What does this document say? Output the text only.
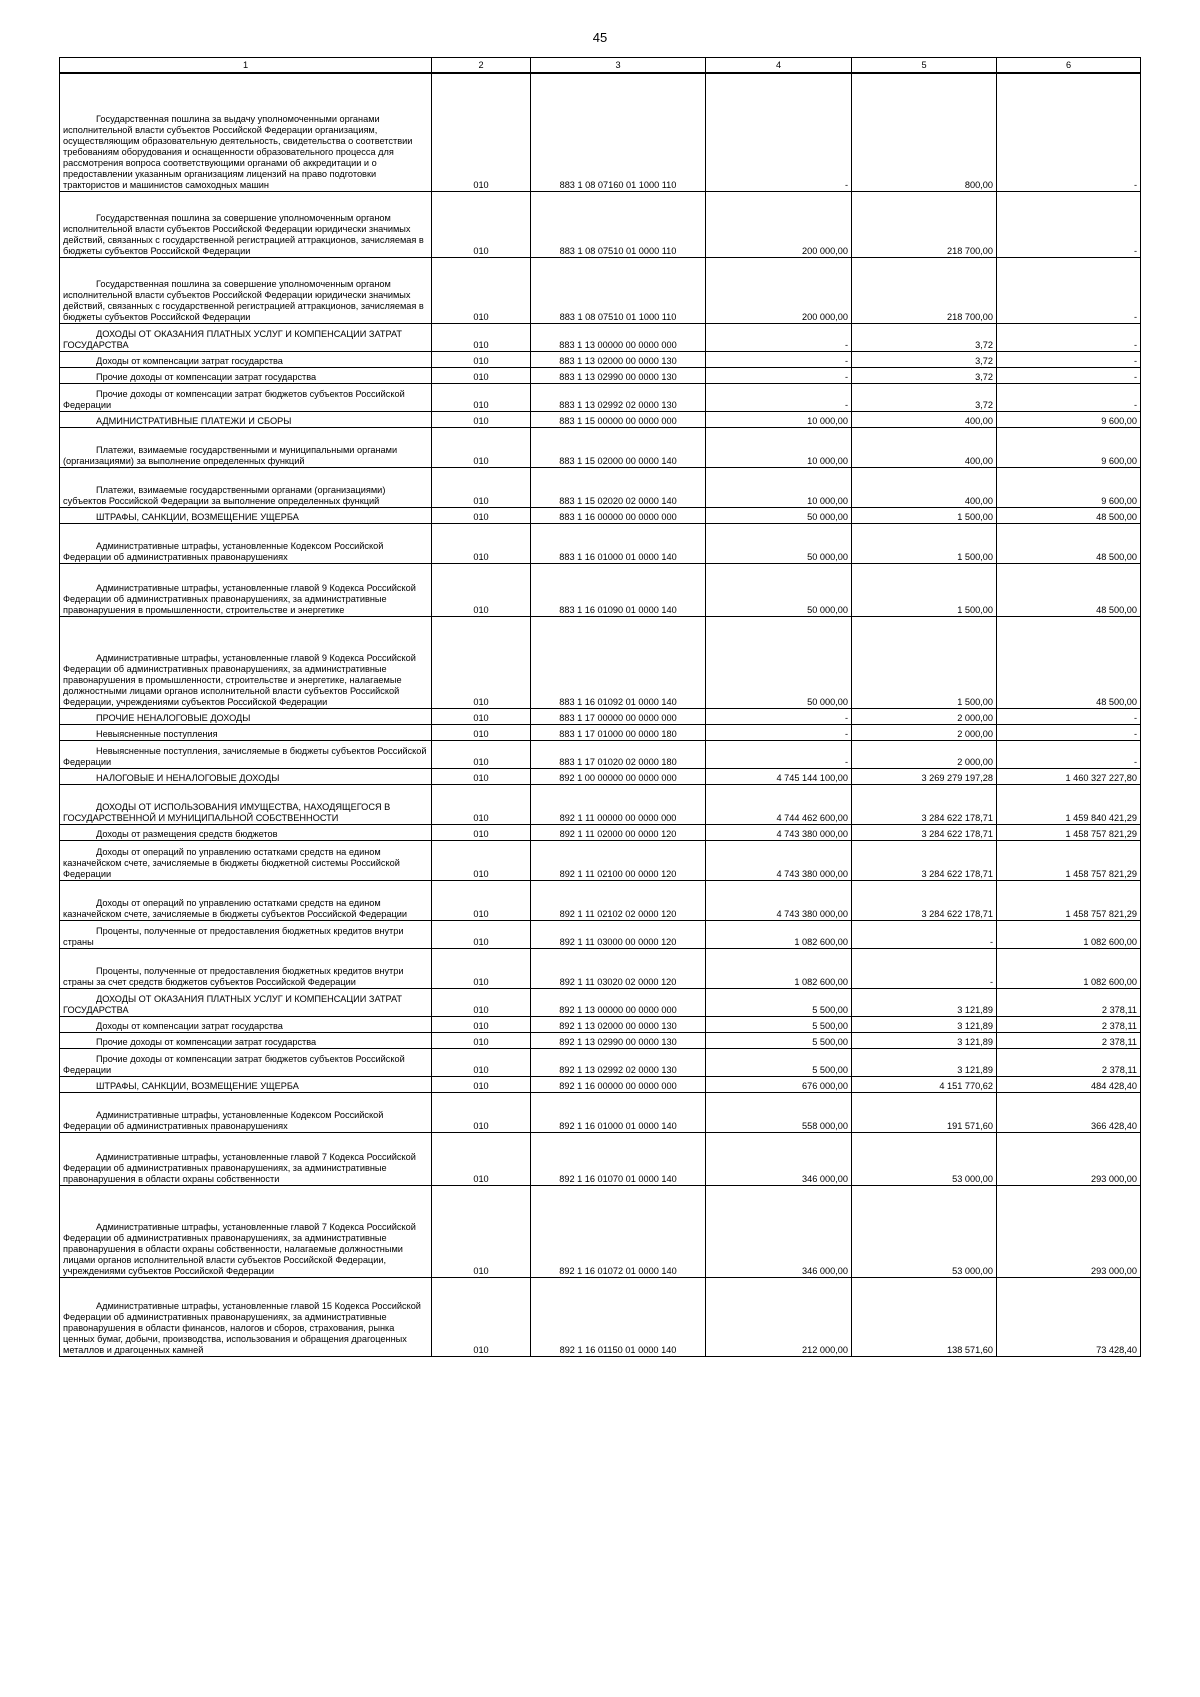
45
1	2	3	4	5	6

Государственная пошлина за выдачу уполномоченными органами исполнительной власти субъектов Российской Федерации организациям, осуществляющим образовательную деятельность, свидетельства о соответствии требованиям оборудования и оснащенности образовательного процесса для рассмотрения вопроса соответствующими органами об аккредитации и о предоставлении указанным организациям лицензий на право подготовки трактористов и машинистов самоходных машин	010	883 1 08 07160 01 1000 110	-	800,00	-

Государственная пошлина за совершение уполномоченным органом исполнительной власти субъектов Российской Федерации юридически значимых действий, связанных с государственной регистрацией аттракционов, зачисляемая в бюджеты субъектов Российской Федерации	010	883 1 08 07510 01 0000 110	200 000,00	218 700,00	-

Государственная пошлина за совершение уполномоченным органом исполнительной власти субъектов Российской Федерации юридически значимых действий, связанных с государственной регистрацией аттракционов, зачисляемая в бюджеты субъектов Российской Федерации	010	883 1 08 07510 01 1000 110	200 000,00	218 700,00	-

ДОХОДЫ ОТ ОКАЗАНИЯ ПЛАТНЫХ УСЛУГ И КОМПЕНСАЦИИ ЗАТРАТ ГОСУДАРСТВА	010	883 1 13 00000 00 0000 000	-	3,72	-

Доходы от компенсации затрат государства	010	883 1 13 02000 00 0000 130	-	3,72	-

Прочие доходы от компенсации затрат государства	010	883 1 13 02990 00 0000 130	-	3,72	-

Прочие доходы от компенсации затрат бюджетов субъектов Российской Федерации	010	883 1 13 02992 02 0000 130	-	3,72	-

АДМИНИСТРАТИВНЫЕ ПЛАТЕЖИ И СБОРЫ	010	883 1 15 00000 00 0000 000	10 000,00	400,00	9 600,00

Платежи, взимаемые государственными и муниципальными органами (организациями) за выполнение определенных функций	010	883 1 15 02000 00 0000 140	10 000,00	400,00	9 600,00

Платежи, взимаемые государственными органами (организациями) субъектов Российской Федерации за выполнение определенных функций	010	883 1 15 02020 02 0000 140	10 000,00	400,00	9 600,00

ШТРАФЫ, САНКЦИИ, ВОЗМЕЩЕНИЕ УЩЕРБА	010	883 1 16 00000 00 0000 000	50 000,00	1 500,00	48 500,00

Административные штрафы, установленные Кодексом Российской Федерации об административных правонарушениях	010	883 1 16 01000 01 0000 140	50 000,00	1 500,00	48 500,00

Административные штрафы, установленные главой 9 Кодекса Российской Федерации об административных правонарушениях, за административные правонарушения в промышленности, строительстве и энергетике	010	883 1 16 01090 01 0000 140	50 000,00	1 500,00	48 500,00

Административные штрафы, установленные главой 9 Кодекса Российской Федерации об административных правонарушениях, за административные правонарушения в промышленности, строительстве и энергетике, налагаемые должностными лицами органов исполнительной власти субъектов Российской Федерации, учреждениями субъектов Российской Федерации	010	883 1 16 01092 01 0000 140	50 000,00	1 500,00	48 500,00

ПРОЧИЕ НЕНАЛОГОВЫЕ ДОХОДЫ	010	883 1 17 00000 00 0000 000	-	2 000,00	-

Невыясненные поступления	010	883 1 17 01000 00 0000 180	-	2 000,00	-

Невыясненные поступления, зачисляемые в бюджеты субъектов Российской Федерации	010	883 1 17 01020 02 0000 180	-	2 000,00	-

НАЛОГОВЫЕ И НЕНАЛОГОВЫЕ ДОХОДЫ	010	892 1 00 00000 00 0000 000	4 745 144 100,00	3 269 279 197,28	1 460 327 227,80

ДОХОДЫ ОТ ИСПОЛЬЗОВАНИЯ ИМУЩЕСТВА, НАХОДЯЩЕГОСЯ В ГОСУДАРСТВЕННОЙ И МУНИЦИПАЛЬНОЙ СОБСТВЕННОСТИ	010	892 1 11 00000 00 0000 000	4 744 462 600,00	3 284 622 178,71	1 459 840 421,29

Доходы от размещения средств бюджетов	010	892 1 11 02000 00 0000 120	4 743 380 000,00	3 284 622 178,71	1 458 757 821,29

Доходы от операций по управлению остатками средств на едином казначейском счете, зачисляемые в бюджеты бюджетной системы Российской Федерации	010	892 1 11 02100 00 0000 120	4 743 380 000,00	3 284 622 178,71	1 458 757 821,29

Доходы от операций по управлению остатками средств на едином казначейском счете, зачисляемые в бюджеты субъектов Российской Федерации	010	892 1 11 02102 02 0000 120	4 743 380 000,00	3 284 622 178,71	1 458 757 821,29

Проценты, полученные от предоставления бюджетных кредитов внутри страны	010	892 1 11 03000 00 0000 120	1 082 600,00	-	1 082 600,00

Проценты, полученные от предоставления бюджетных кредитов внутри страны за счет средств бюджетов субъектов Российской Федерации	010	892 1 11 03020 02 0000 120	1 082 600,00	-	1 082 600,00

ДОХОДЫ ОТ ОКАЗАНИЯ ПЛАТНЫХ УСЛУГ И КОМПЕНСАЦИИ ЗАТРАТ ГОСУДАРСТВА	010	892 1 13 00000 00 0000 000	5 500,00	3 121,89	2 378,11

Доходы от компенсации затрат государства	010	892 1 13 02000 00 0000 130	5 500,00	3 121,89	2 378,11

Прочие доходы от компенсации затрат государства	010	892 1 13 02990 00 0000 130	5 500,00	3 121,89	2 378,11

Прочие доходы от компенсации затрат бюджетов субъектов Российской Федерации	010	892 1 13 02992 02 0000 130	5 500,00	3 121,89	2 378,11

ШТРАФЫ, САНКЦИИ, ВОЗМЕЩЕНИЕ УЩЕРБА	010	892 1 16 00000 00 0000 000	676 000,00	4 151 770,62	484 428,40

Административные штрафы, установленные Кодексом Российской Федерации об административных правонарушениях	010	892 1 16 01000 01 0000 140	558 000,00	191 571,60	366 428,40

Административные штрафы, установленные главой 7 Кодекса Российской Федерации об административных правонарушениях, за административные правонарушения в области охраны собственности	010	892 1 16 01070 01 0000 140	346 000,00	53 000,00	293 000,00

Административные штрафы, установленные главой 7 Кодекса Российской Федерации об административных правонарушениях, за административные правонарушения в области охраны собственности, налагаемые должностными лицами органов исполнительной власти субъектов Российской Федерации, учреждениями субъектов Российской Федерации	010	892 1 16 01072 01 0000 140	346 000,00	53 000,00	293 000,00

Административные штрафы, установленные главой 15 Кодекса Российской Федерации об административных правонарушениях, за административные правонарушения в области финансов, налогов и сборов, страхования, рынка ценных бумаг, добычи, производства, использования и обращения драгоценных металлов и драгоценных камней	010	892 1 16 01150 01 0000 140	212 000,00	138 571,60	73 428,40
